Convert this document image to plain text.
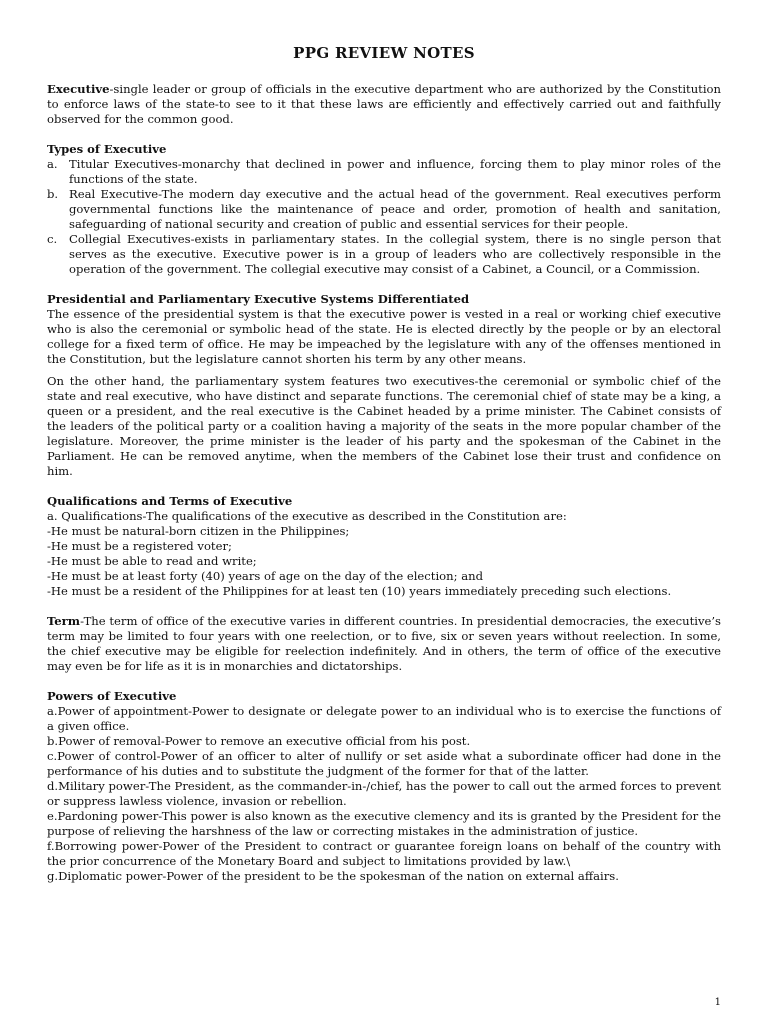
PPG REVIEW NOTES

Executive-single leader or group of officials in the executive department who are authorized by the Constitution to enforce laws of the state-to see to it that these laws are efficiently and effectively carried out and faithfully observed for the common good.

Types of Executive

a. Titular Executives-monarchy that declined in power and influence, forcing them to play minor roles of the functions of the state.
b. Real Executive-The modern day executive and the actual head of the government. Real executives perform governmental functions like the maintenance of peace and order, promotion of health and sanitation, safeguarding of national security and creation of public and essential services for their people.
c.	Collegial Executives-exists in parliamentary states. In the collegial system, there is no single person that serves as the executive. Executive power is in a group of leaders who are collectively responsible in the operation of the government. The collegial executive may consist of a Cabinet, a Council, or a Commission.

Presidential and Parliamentary Executive Systems Differentiated

The essence of the presidential system is that the executive power is vested in a real or working chief executive who is also the ceremonial or symbolic head of the state. He is elected directly by the people or by an electoral college for a fixed term of office. He may be impeached by the legislature with any of the offenses mentioned in the Constitution, but the legislature cannot shorten his term by any other means.

On the other hand, the parliamentary system features two executives-the ceremonial or symbolic chief of the state and real executive, who have distinct and separate functions. The ceremonial chief of state may be a king, a queen or a president, and the real executive is the Cabinet headed by a prime minister. The Cabinet consists of the leaders of the political party or a coalition having a majority of the seats in the more popular chamber of the legislature. Moreover, the prime minister is the leader of his party and the spokesman of the Cabinet in the Parliament. He can be removed anytime, when the members of the Cabinet lose their trust and confidence on him.

Qualifications and Terms of Executive

a. Qualifications-The qualifications of the executive as described in the Constitution are:

-He must be natural-born citizen in the Philippines;

-He must be a registered voter;

-He must be able to read and write;

-He must be at least forty (40) years of age on the day of the election; and

-He must be a resident of the Philippines for at least ten (10) years immediately preceding such elections.

Term-The term of office of the executive varies in different countries. In presidential democracies, the executive’s term may be limited to four years with one reelection, or to five, six or seven years without reelection. In some, the chief executive may be eligible for reelection indefinitely. And in others, the term of office of the executive may even be for life as it is in monarchies and dictatorships.

Powers of Executive

a.Power of appointment-Power to designate or delegate power to an individual who is to exercise the functions of a given office.

b.Power of removal-Power to remove an executive official from his post.

c.Power of control-Power of an officer to alter of nullify or set aside what a subordinate officer had done in the performance of his duties and to substitute the judgment of the former for that of the latter.

d.Military power-The President, as the commander-in-/chief, has the power to call out the armed forces to prevent or suppress lawless violence, invasion or rebellion.

e.Pardoning power-This power is also known as the executive clemency and its is granted by the President for the purpose of relieving the harshness of the law or correcting mistakes in the administration of justice.

f.Borrowing power-Power of the President to contract or guarantee foreign loans on behalf of the country with the prior concurrence of the Monetary Board and subject to limitations provided by law.\

g.Diplomatic power-Power of the president to be the spokesman of the nation on external affairs.

1
